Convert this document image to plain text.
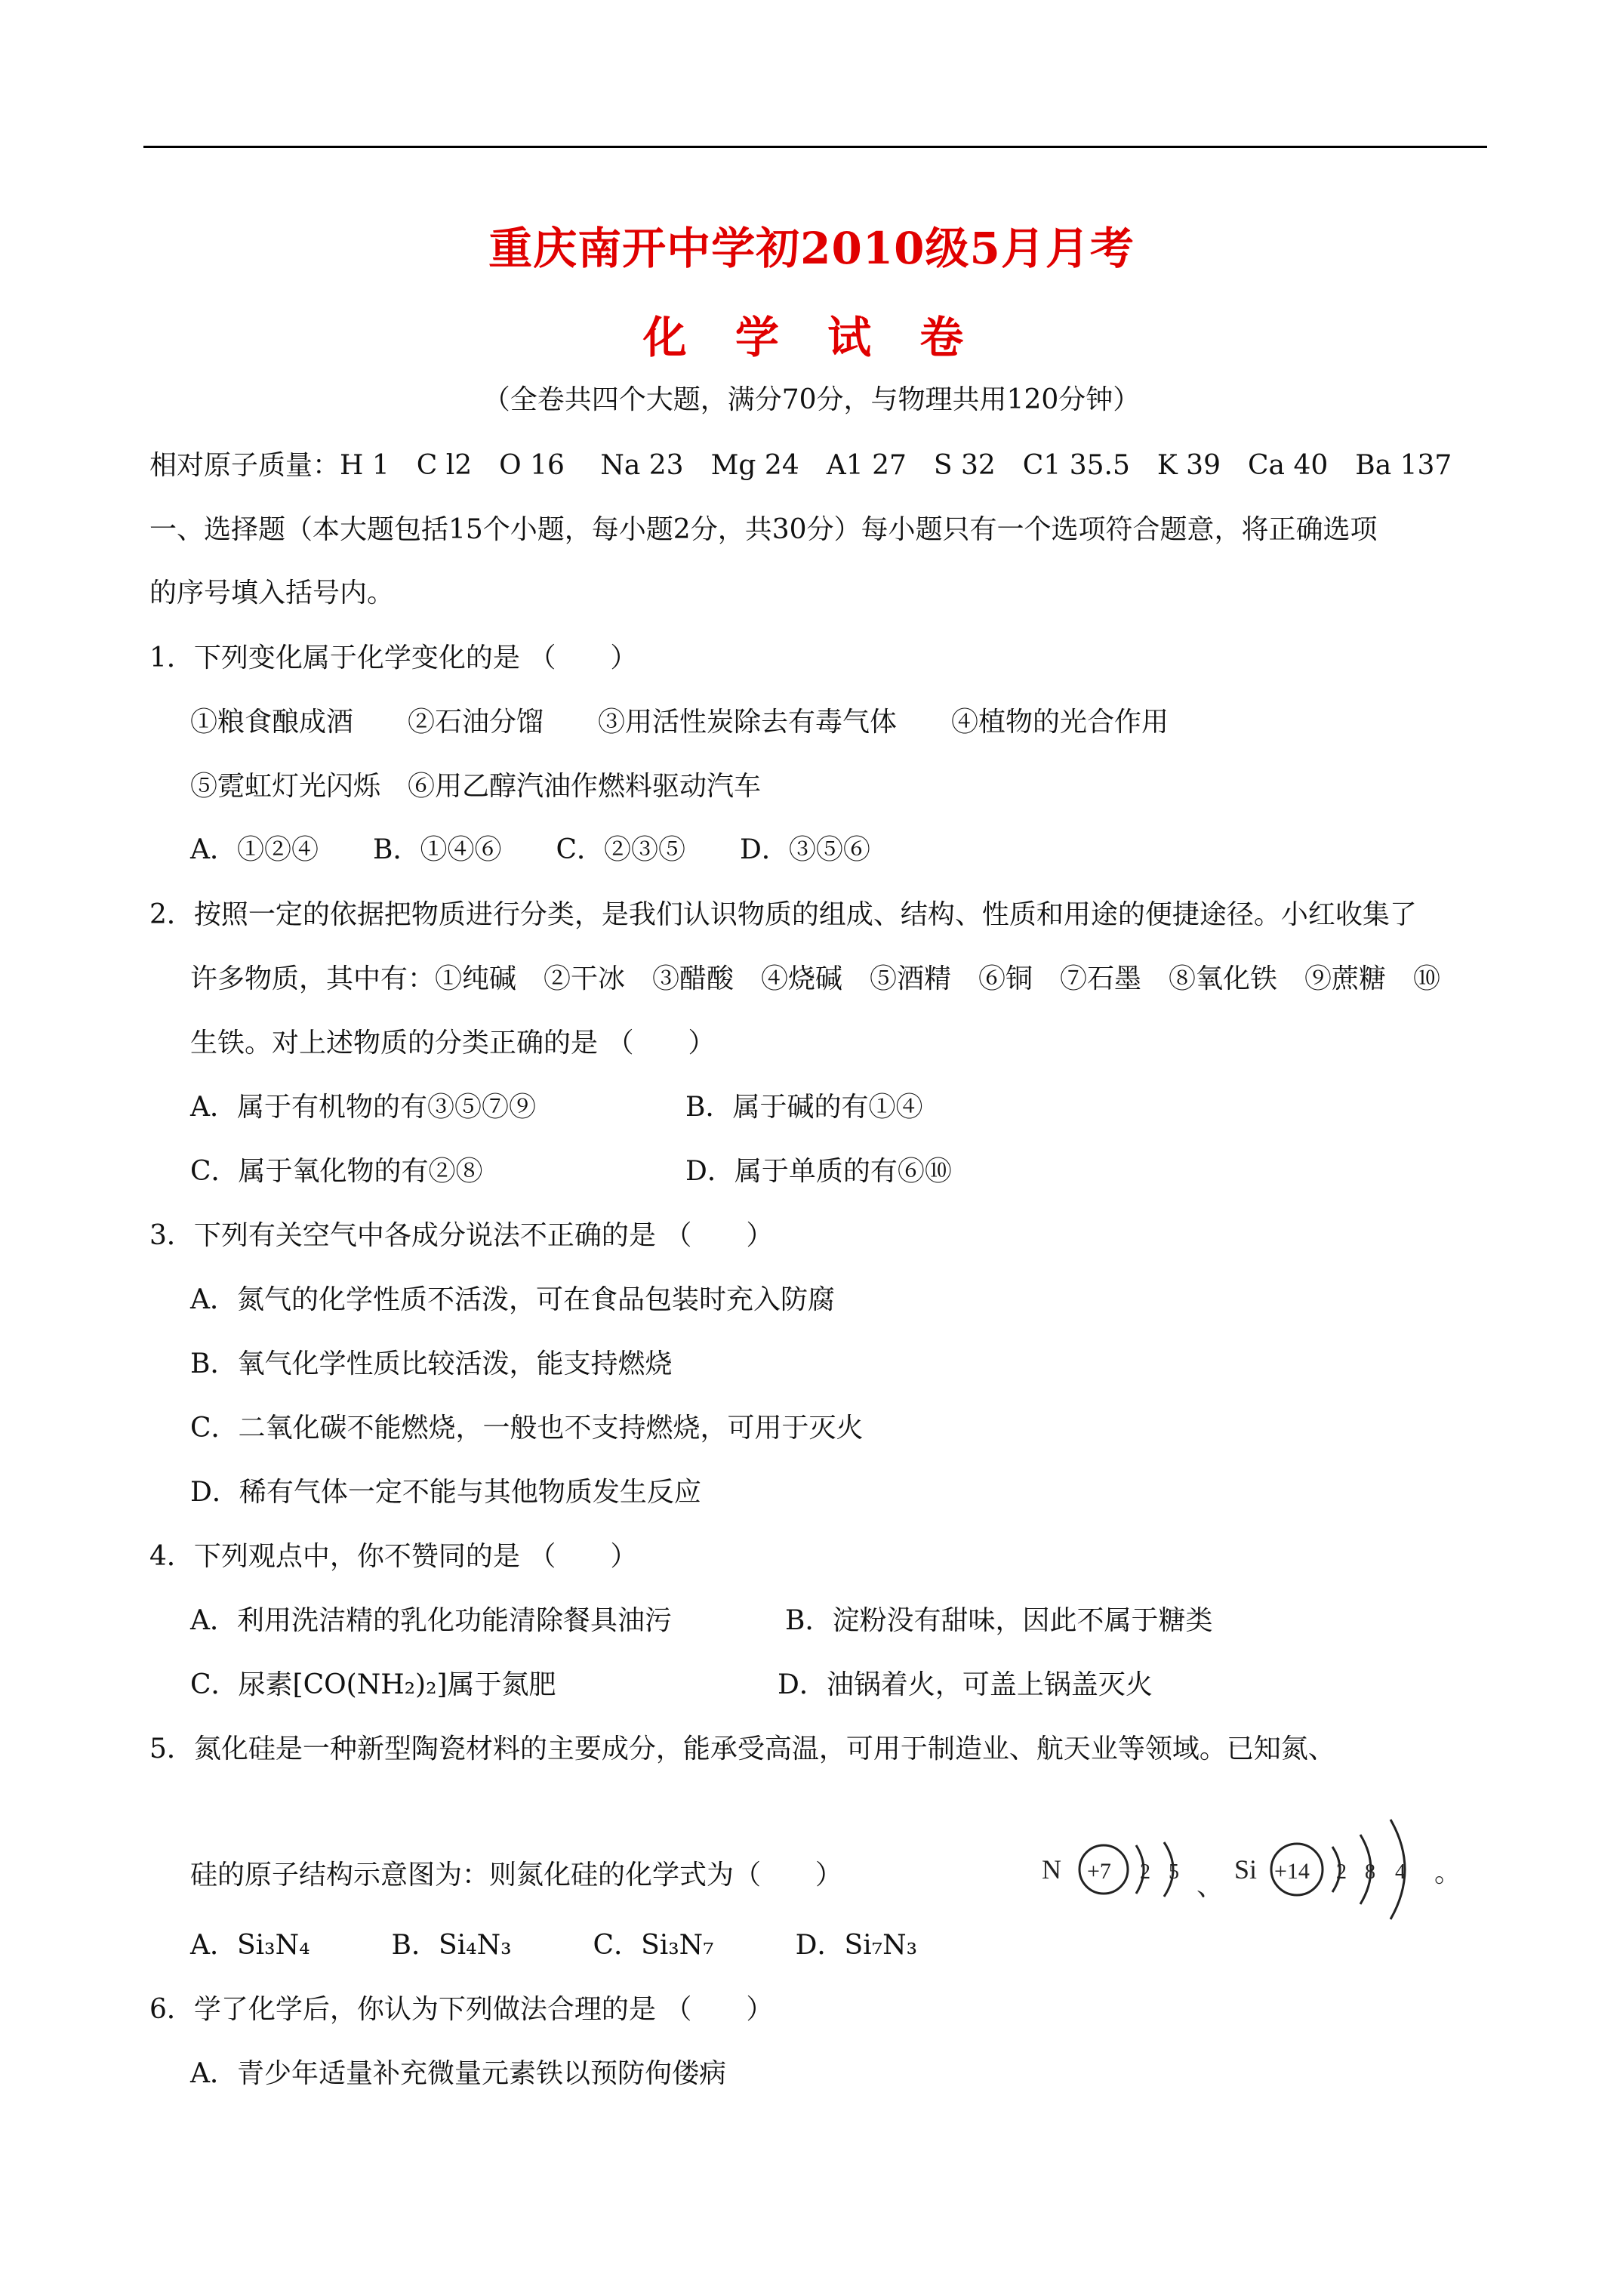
重庆南开中学初2010级5月月考
化 学 试 卷
（全卷共四个大题，满分70分，与物理共用120分钟）
相对原子质量：H 1　C l2　O 16　 Na 23　Mg 24　A1 27　S 32　C1 35.5　K 39　Ca 40　Ba 137
一、选择题（本大题包括15个小题，每小题2分，共30分）每小题只有一个选项符合题意，将正确选项
的序号填入括号内。
1．下列变化属于化学变化的是 （　　）
①粮食酿成酒　　②石油分馏　　③用活性炭除去有毒气体　　④植物的光合作用
⑤霓虹灯光闪烁　⑥用乙醇汽油作燃料驱动汽车
A．①②④　　B．①④⑥　　C．②③⑤　　D．③⑤⑥
2．按照一定的依据把物质进行分类，是我们认识物质的组成、结构、性质和用途的便捷途径。小红收集了
许多物质，其中有：①纯碱　②干冰　③醋酸　④烧碱　⑤酒精　⑥铜　⑦石墨　⑧氧化铁　⑨蔗糖　⑩
生铁。对上述物质的分类正确的是 （　　）
A．属于有机物的有③⑤⑦⑨	B．属于碱的有①④
C．属于氧化物的有②⑧	D．属于单质的有⑥⑩
3．下列有关空气中各成分说法不正确的是 （　　）
A．氮气的化学性质不活泼，可在食品包装时充入防腐
B．氧气化学性质比较活泼，能支持燃烧
C．二氧化碳不能燃烧，一般也不支持燃烧，可用于灭火
D．稀有气体一定不能与其他物质发生反应
4．下列观点中，你不赞同的是 （　　）
A．利用洗洁精的乳化功能清除餐具油污	B．淀粉没有甜味，因此不属于糖类
C．尿素[CO(NH₂)₂]属于氮肥	D．油锅着火，可盖上锅盖灭火
5．氮化硅是一种新型陶瓷材料的主要成分，能承受高温，可用于制造业、航天业等领域。已知氮、
硅的原子结构示意图为：则氮化硅的化学式为（　　）	N +7 2 5 、
Si +14 2 8 4 。
A．Si₃N₄　　　B．Si₄N₃　　　C．Si₃N₇　　　D．Si₇N₃
6．学了化学后，你认为下列做法合理的是 （　　）
A．青少年适量补充微量元素铁以预防佝偻病
